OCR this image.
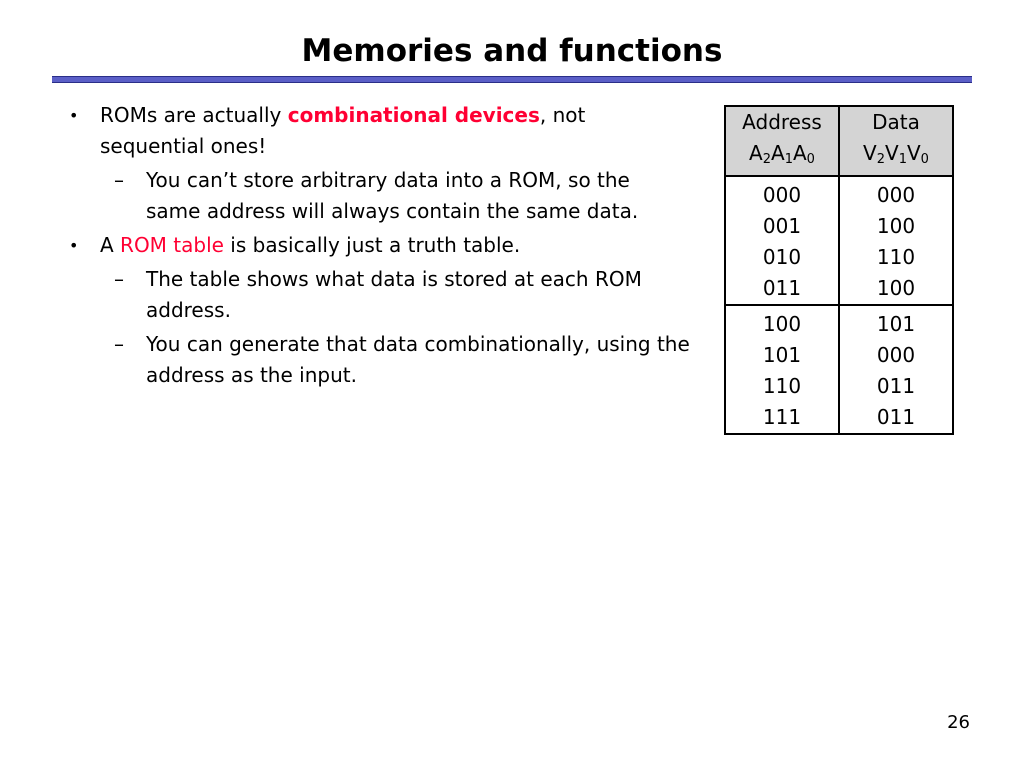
Memories and functions
• ROMs are actually combinational devices, not sequential ones!
– You can’t store arbitrary data into a ROM, so the same address will always contain the same data.
• A ROM table is basically just a truth table.
– The table shows what data is stored at each ROM address.
– You can generate that data combinationally, using the address as the input.
Address	Data
$A_2A_1A_0$	$V_2V_1V_0$
000	000
001	100
010	110
011	100
100	101
101	000
110	011
111	011
26
